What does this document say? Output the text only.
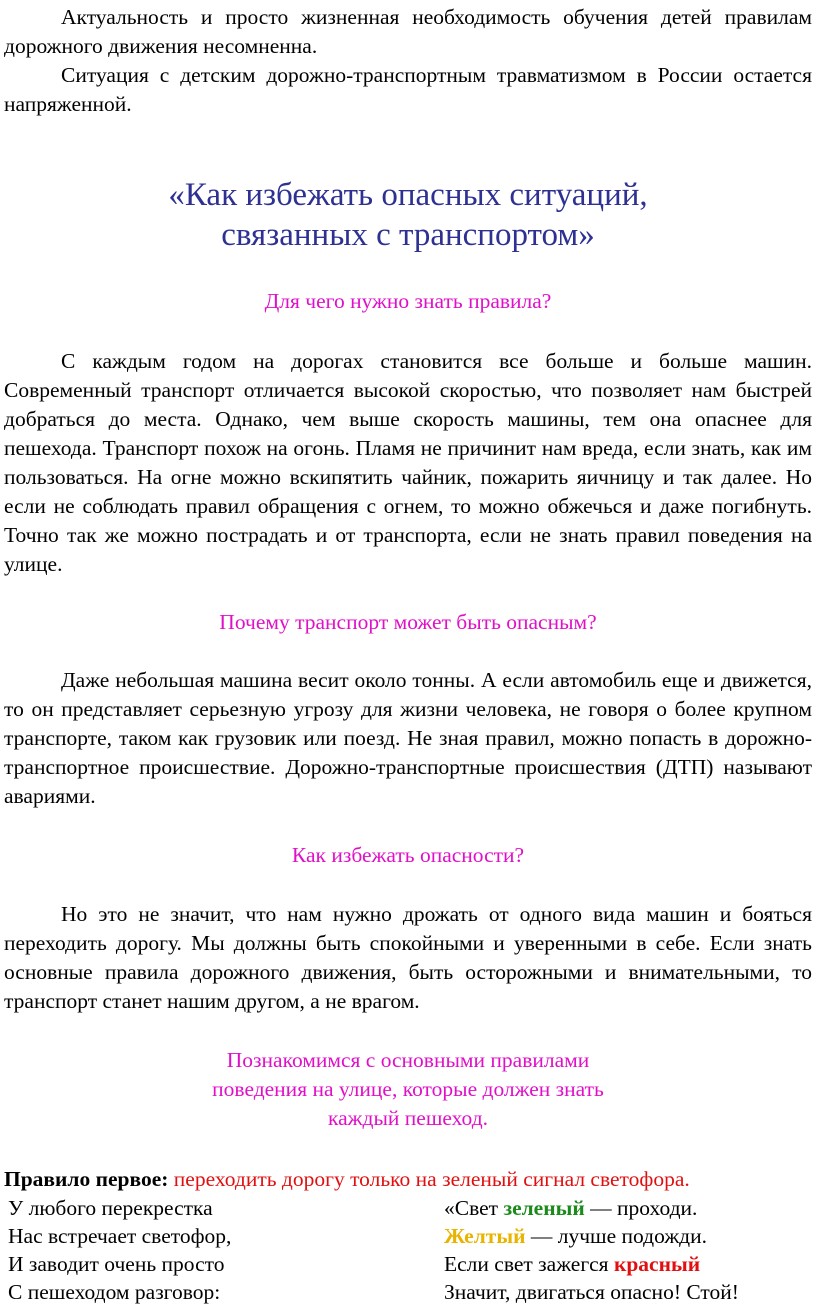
Актуальность и просто жизненная необходимость обучения детей правилам дорожного движения несомненна.

Ситуация с детским дорожно-транспортным травматизмом в России остается напряженной.

«Как избежать опасных ситуаций,

связанных с транспортом»

Для чего нужно знать правила?

С каждым годом на дорогах становится все больше и больше машин. Современный транспорт отличается высокой скоростью, что позволяет нам быстрей добраться до места. Однако, чем выше скорость машины, тем она опаснее для пешехода. Транспорт похож на огонь. Пламя не причинит нам вреда, если знать, как им пользоваться. На огне можно вскипятить чайник, пожарить яичницу и так далее. Но если не соблюдать правил обращения с огнем, то можно обжечься и даже погибнуть. Точно так же можно пострадать и от транспорта, если не знать правил поведения на улице.

Почему транспорт может быть опасным?

Даже небольшая машина весит около тонны. А если автомобиль еще и движется, то он представляет серьезную угрозу для жизни человека, не говоря о более крупном транспорте, таком как грузовик или поезд. Не зная правил, можно попасть в дорожно-транспортное происшествие. Дорожно-транспортные происшествия (ДТП) называют авариями.

Как избежать опасности?

Но это не значит, что нам нужно дрожать от одного вида машин и бояться переходить дорогу. Мы должны быть спокойными и уверенными в себе. Если знать основные правила дорожного движения, быть осторожными и внимательными, то транспорт станет нашим другом, а не врагом.

Познакомимся с основными правилами

поведения на улице, которые должен знать

каждый пешеход.

Правило первое: переходить дорогу только на зеленый сигнал светофора.

У любого перекрестка	«Свет зеленый — проходи.
Нас встречает светофор,	Желтый — лучше подожди.
И заводит очень просто	Если свет зажегся красный
С пешеходом разговор:	Значит, двигаться опасно! Стой!
